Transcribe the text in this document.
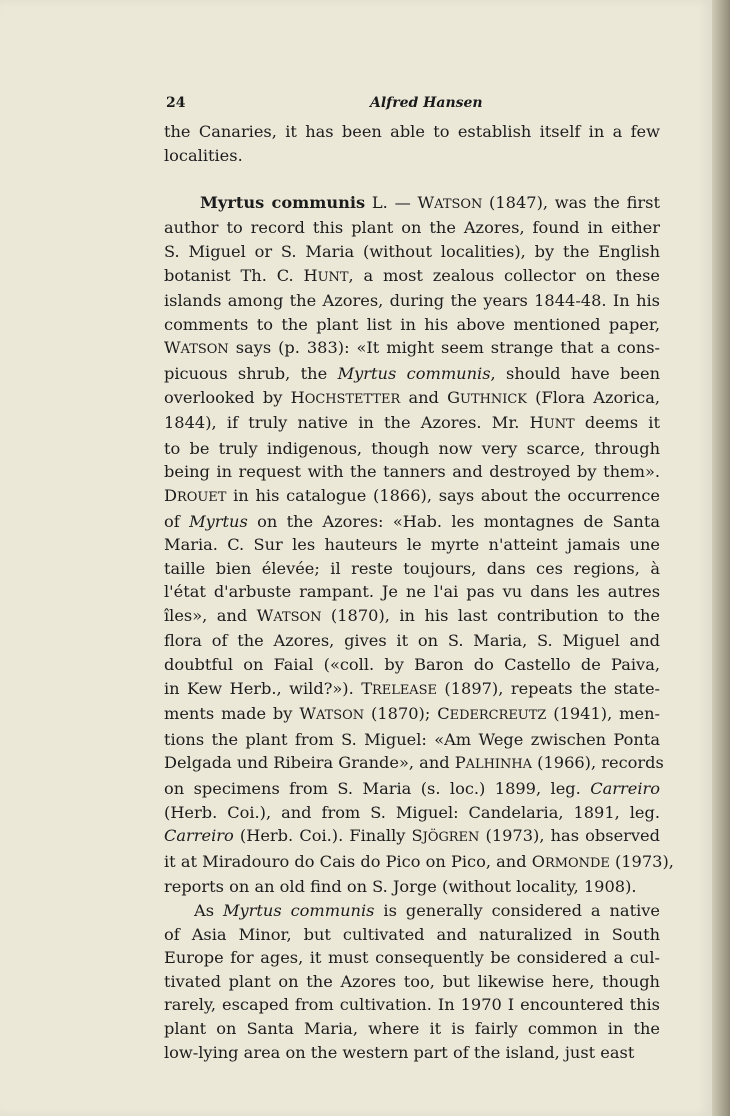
24	Alfred Hansen
the Canaries, it has been able to establish itself in a few
localities.
Myrtus communis L. — WATSON (1847), was the first
author to record this plant on the Azores, found in either
S. Miguel or S. Maria (without localities), by the English
botanist Th. C. HUNT, a most zealous collector on these
islands among the Azores, during the years 1844-48. In his
comments to the plant list in his above mentioned paper,
WATSON says (p. 383): «It might seem strange that a cons-
picuous shrub, the Myrtus communis, should have been
overlooked by HOCHSTETTER and GUTHNICK (Flora Azorica,
1844), if truly native in the Azores. Mr. HUNT deems it
to be truly indigenous, though now very scarce, through
being in request with the tanners and destroyed by them».
DROUET in his catalogue (1866), says about the occurrence
of Myrtus on the Azores: «Hab. les montagnes de Santa
Maria. C. Sur les hauteurs le myrte n'atteint jamais une
taille bien élevée; il reste toujours, dans ces regions, à
l'état d'arbuste rampant. Je ne l'ai pas vu dans les autres
îles», and WATSON (1870), in his last contribution to the
flora of the Azores, gives it on S. Maria, S. Miguel and
doubtful on Faial («coll. by Baron do Castello de Paiva,
in Kew Herb., wild?»). TRELEASE (1897), repeats the state-
ments made by WATSON (1870); CEDERCREUTZ (1941), men-
tions the plant from S. Miguel: «Am Wege zwischen Ponta
Delgada und Ribeira Grande», and PALHINHA (1966), records
on specimens from S. Maria (s. loc.) 1899, leg. Carreiro
(Herb. Coi.), and from S. Miguel: Candelaria, 1891, leg.
Carreiro (Herb. Coi.). Finally SJÖGREN (1973), has observed
it at Miradouro do Cais do Pico on Pico, and ORMONDE (1973),
reports on an old find on S. Jorge (without locality, 1908).
As Myrtus communis is generally considered a native
of Asia Minor, but cultivated and naturalized in South
Europe for ages, it must consequently be considered a cul-
tivated plant on the Azores too, but likewise here, though
rarely, escaped from cultivation. In 1970 I encountered this
plant on Santa Maria, where it is fairly common in the
low-lying area on the western part of the island, just east
